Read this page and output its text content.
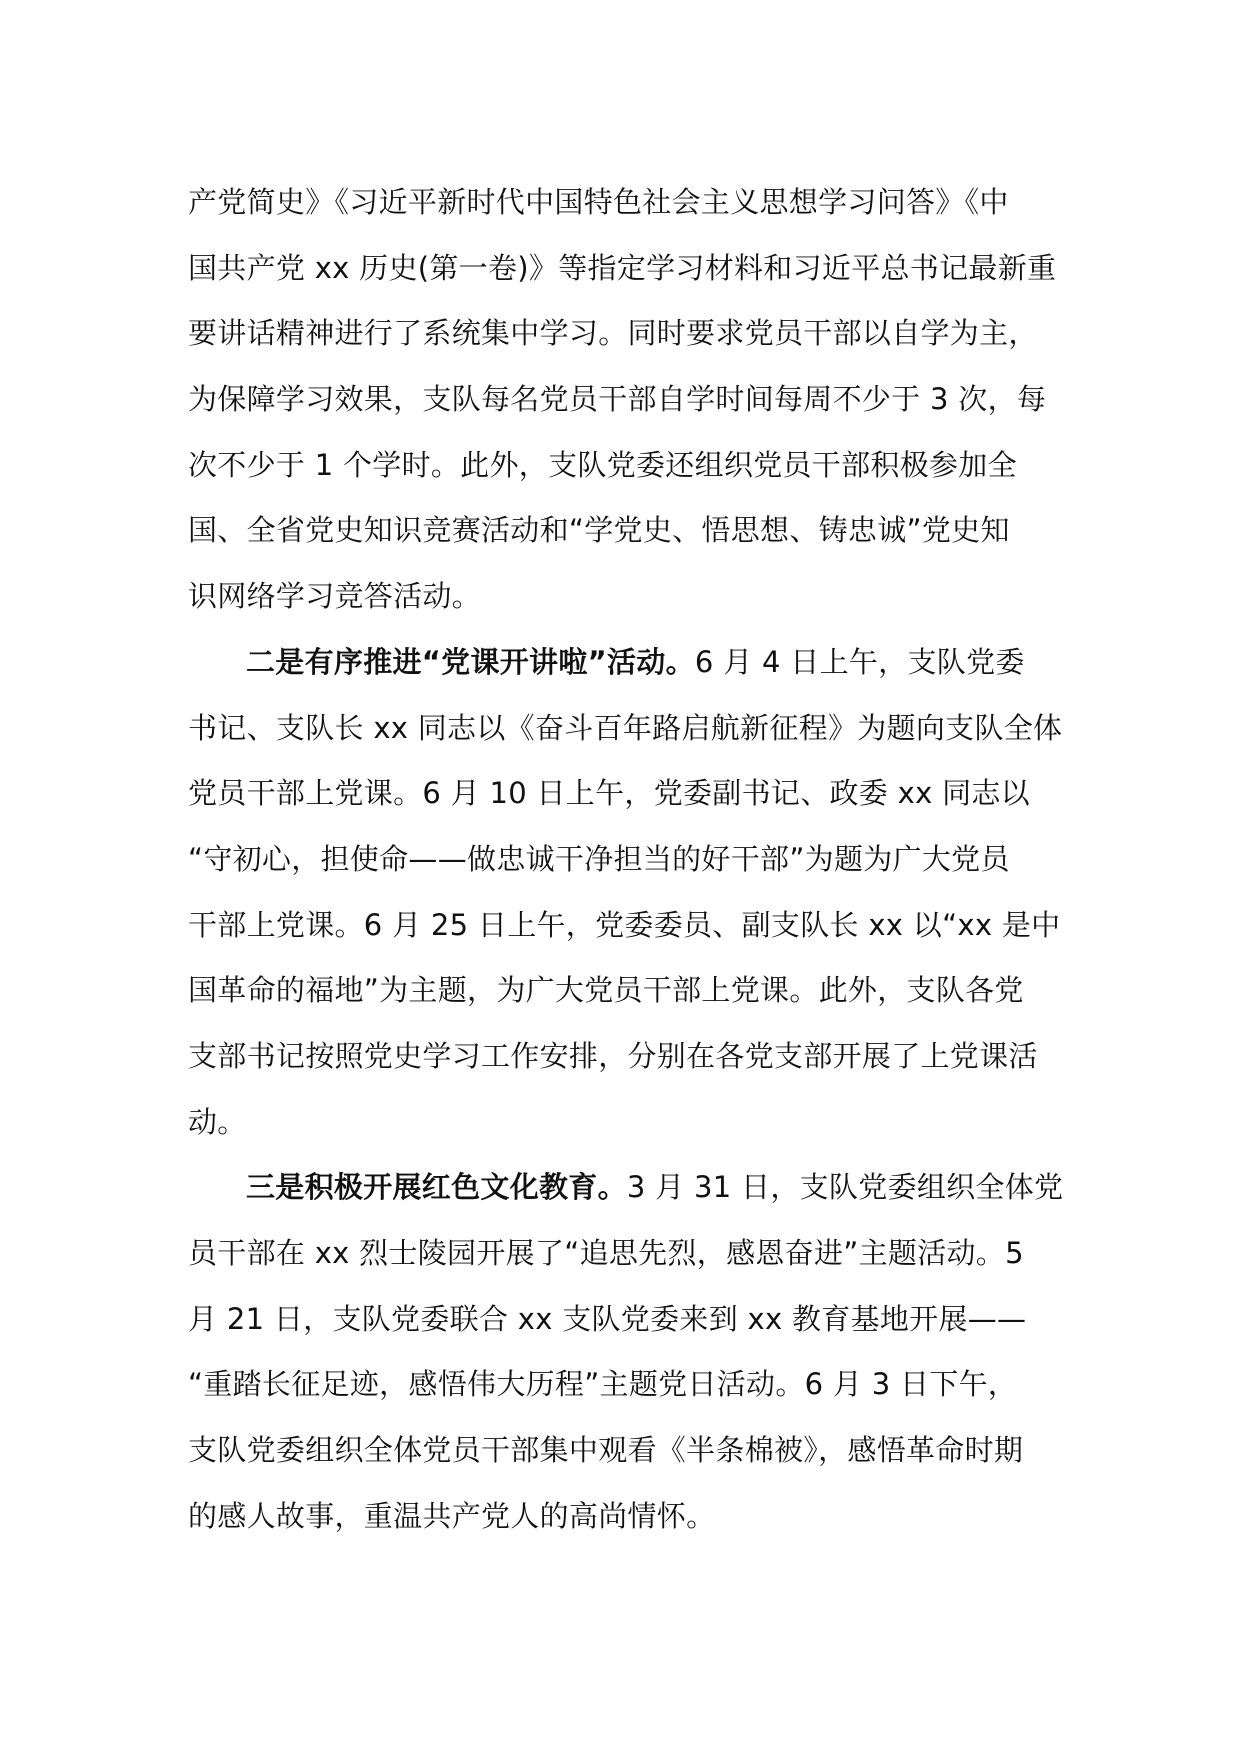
产党简史》《习近平新时代中国特色社会主义思想学习问答》《中
国共产党 xx 历史(第一卷)》等指定学习材料和习近平总书记最新重
要讲话精神进行了系统集中学习。同时要求党员干部以自学为主，
为保障学习效果，支队每名党员干部自学时间每周不少于 3 次，每
次不少于 1 个学时。此外，支队党委还组织党员干部积极参加全
国、全省党史知识竞赛活动和“学党史、悟思想、铸忠诚”党史知
识网络学习竞答活动。
二是有序推进“党课开讲啦”活动。6 月 4 日上午，支队党委
书记、支队长 xx 同志以《奋斗百年路启航新征程》为题向支队全体
党员干部上党课。6 月 10 日上午，党委副书记、政委 xx 同志以
“守初心，担使命——做忠诚干净担当的好干部”为题为广大党员
干部上党课。6 月 25 日上午，党委委员、副支队长 xx 以“xx 是中
国革命的福地”为主题，为广大党员干部上党课。此外，支队各党
支部书记按照党史学习工作安排，分别在各党支部开展了上党课活
动。
三是积极开展红色文化教育。3 月 31 日，支队党委组织全体党
员干部在 xx 烈士陵园开展了“追思先烈，感恩奋进”主题活动。5
月 21 日，支队党委联合 xx 支队党委来到 xx 教育基地开展——
“重踏长征足迹，感悟伟大历程”主题党日活动。6 月 3 日下午，
支队党委组织全体党员干部集中观看《半条棉被》，感悟革命时期
的感人故事，重温共产党人的高尚情怀。
